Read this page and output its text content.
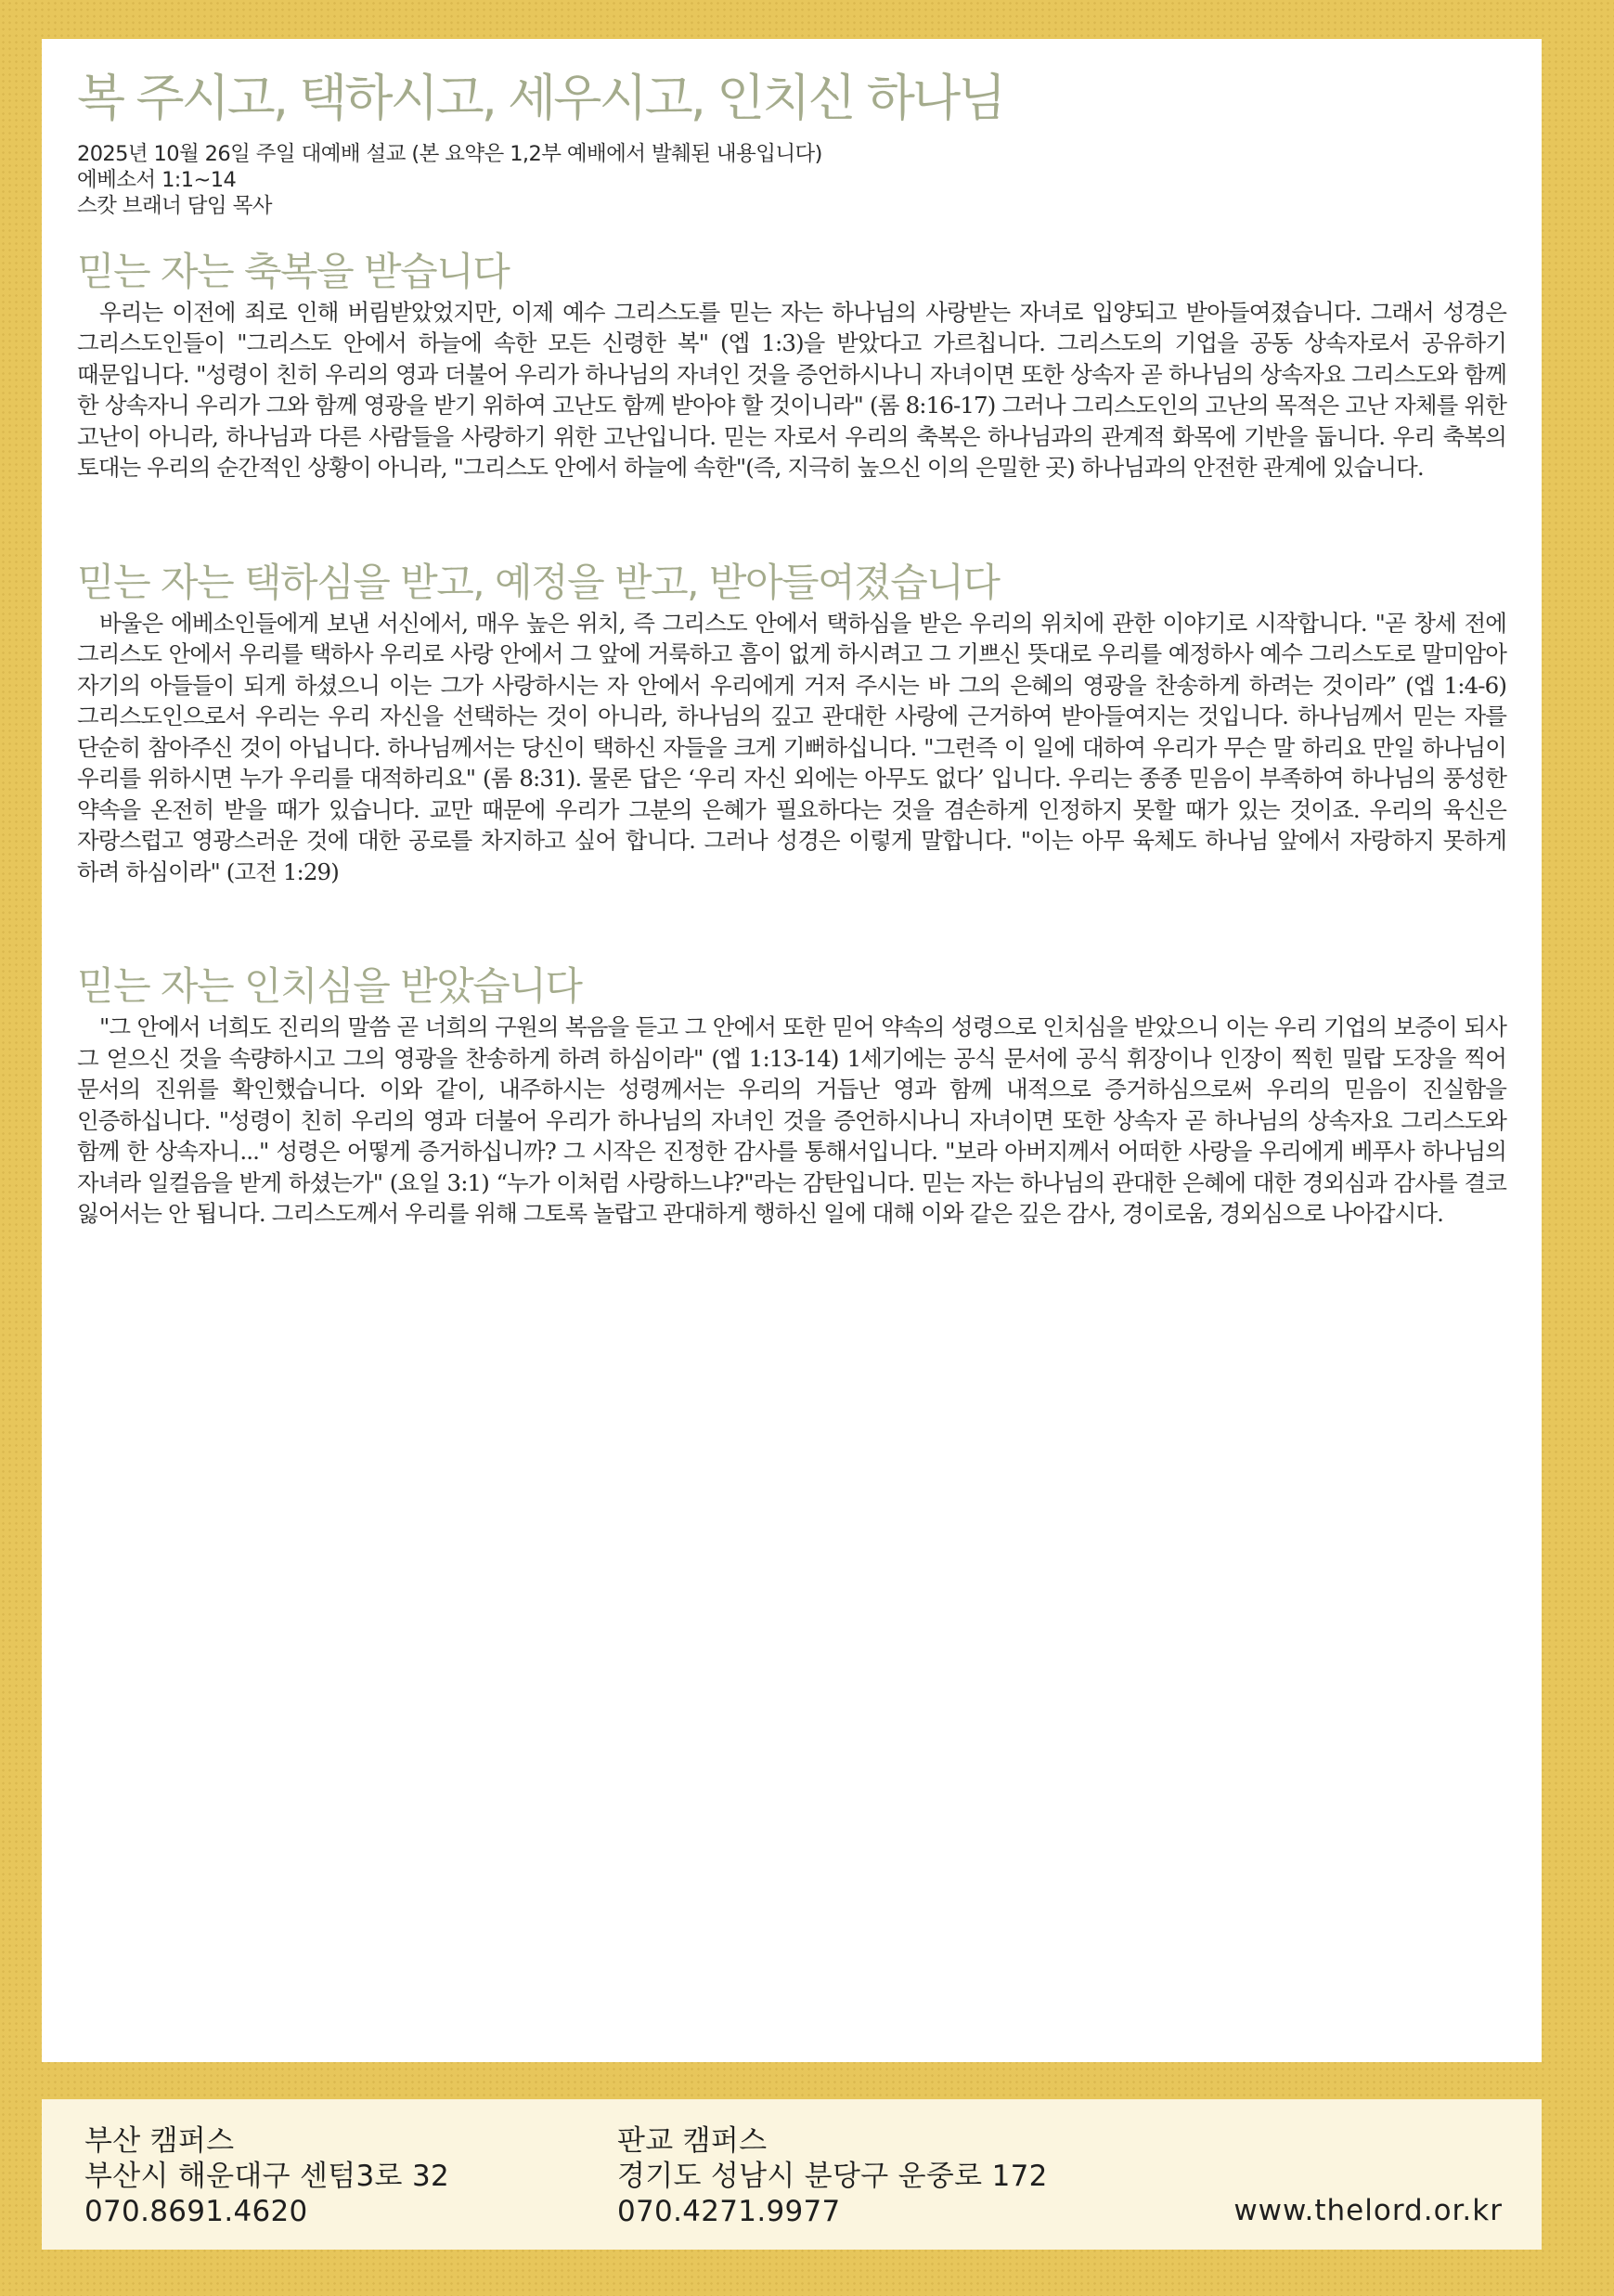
복 주시고, 택하시고, 세우시고, 인치신 하나님
2025년 10월 26일 주일 대예배 설교 (본 요약은 1,2부 예배에서 발췌된 내용입니다)
에베소서 1:1~14
스캇 브래너 담임 목사
믿는 자는 축복을 받습니다

우리는 이전에 죄로 인해 버림받았었지만, 이제 예수 그리스도를 믿는 자는 하나님의 사랑받는 자녀로 입양되고 받아들여졌습니다. 그래서 성경은 그리스도인들이 "그리스도 안에서 하늘에 속한 모든 신령한 복" (엡 1:3)을 받았다고 가르칩니다. 그리스도의 기업을 공동 상속자로서 공유하기 때문입니다. "성령이 친히 우리의 영과 더불어 우리가 하나님의 자녀인 것을 증언하시나니 자녀이면 또한 상속자 곧 하나님의 상속자요 그리스도와 함께 한 상속자니 우리가 그와 함께 영광을 받기 위하여 고난도 함께 받아야 할 것이니라" (롬 8:16-17) 그러나 그리스도인의 고난의 목적은 고난 자체를 위한 고난이 아니라, 하나님과 다른 사람들을 사랑하기 위한 고난입니다. 믿는 자로서 우리의 축복은 하나님과의 관계적 화목에 기반을 둡니다. 우리 축복의 토대는 우리의 순간적인 상황이 아니라, "그리스도 안에서 하늘에 속한"(즉, 지극히 높으신 이의 은밀한 곳) 하나님과의 안전한 관계에 있습니다.

믿는 자는 택하심을 받고, 예정을 받고, 받아들여졌습니다

바울은 에베소인들에게 보낸 서신에서, 매우 높은 위치, 즉 그리스도 안에서 택하심을 받은 우리의 위치에 관한 이야기로 시작합니다. "곧 창세 전에 그리스도 안에서 우리를 택하사 우리로 사랑 안에서 그 앞에 거룩하고 흠이 없게 하시려고 그 기쁘신 뜻대로 우리를 예정하사 예수 그리스도로 말미암아 자기의 아들들이 되게 하셨으니 이는 그가 사랑하시는 자 안에서 우리에게 거저 주시는 바 그의 은혜의 영광을 찬송하게 하려는 것이라” (엡 1:4-6) 그리스도인으로서 우리는 우리 자신을 선택하는 것이 아니라, 하나님의 깊고 관대한 사랑에 근거하여 받아들여지는 것입니다. 하나님께서 믿는 자를 단순히 참아주신 것이 아닙니다. 하나님께서는 당신이 택하신 자들을 크게 기뻐하십니다. "그런즉 이 일에 대하여 우리가 무슨 말 하리요 만일 하나님이 우리를 위하시면 누가 우리를 대적하리요" (롬 8:31). 물론 답은 ‘우리 자신 외에는 아무도 없다’ 입니다. 우리는 종종 믿음이 부족하여 하나님의 풍성한 약속을 온전히 받을 때가 있습니다. 교만 때문에 우리가 그분의 은혜가 필요하다는 것을 겸손하게 인정하지 못할 때가 있는 것이죠. 우리의 육신은 자랑스럽고 영광스러운 것에 대한 공로를 차지하고 싶어 합니다. 그러나 성경은 이렇게 말합니다. "이는 아무 육체도 하나님 앞에서 자랑하지 못하게 하려 하심이라" (고전 1:29)

믿는 자는 인치심을 받았습니다

"그 안에서 너희도 진리의 말씀 곧 너희의 구원의 복음을 듣고 그 안에서 또한 믿어 약속의 성령으로 인치심을 받았으니 이는 우리 기업의 보증이 되사 그 얻으신 것을 속량하시고 그의 영광을 찬송하게 하려 하심이라" (엡 1:13-14) 1세기에는 공식 문서에 공식 휘장이나 인장이 찍힌 밀랍 도장을 찍어 문서의 진위를 확인했습니다. 이와 같이, 내주하시는 성령께서는 우리의 거듭난 영과 함께 내적으로 증거하심으로써 우리의 믿음이 진실함을 인증하십니다. "성령이 친히 우리의 영과 더불어 우리가 하나님의 자녀인 것을 증언하시나니 자녀이면 또한 상속자 곧 하나님의 상속자요 그리스도와 함께 한 상속자니..." 성령은 어떻게 증거하십니까? 그 시작은 진정한 감사를 통해서입니다. "보라 아버지께서 어떠한 사랑을 우리에게 베푸사 하나님의 자녀라 일컬음을 받게 하셨는가" (요일 3:1) “누가 이처럼 사랑하느냐?"라는 감탄입니다. 믿는 자는 하나님의 관대한 은혜에 대한 경외심과 감사를 결코 잃어서는 안 됩니다. 그리스도께서 우리를 위해 그토록 놀랍고 관대하게 행하신 일에 대해 이와 같은 깊은 감사, 경이로움, 경외심으로 나아갑시다.

부산 캠퍼스
부산시 해운대구 센텀3로 32
070.8691.4620
판교 캠퍼스
경기도 성남시 분당구 운중로 172
070.4271.9977	www.thelord.or.kr
